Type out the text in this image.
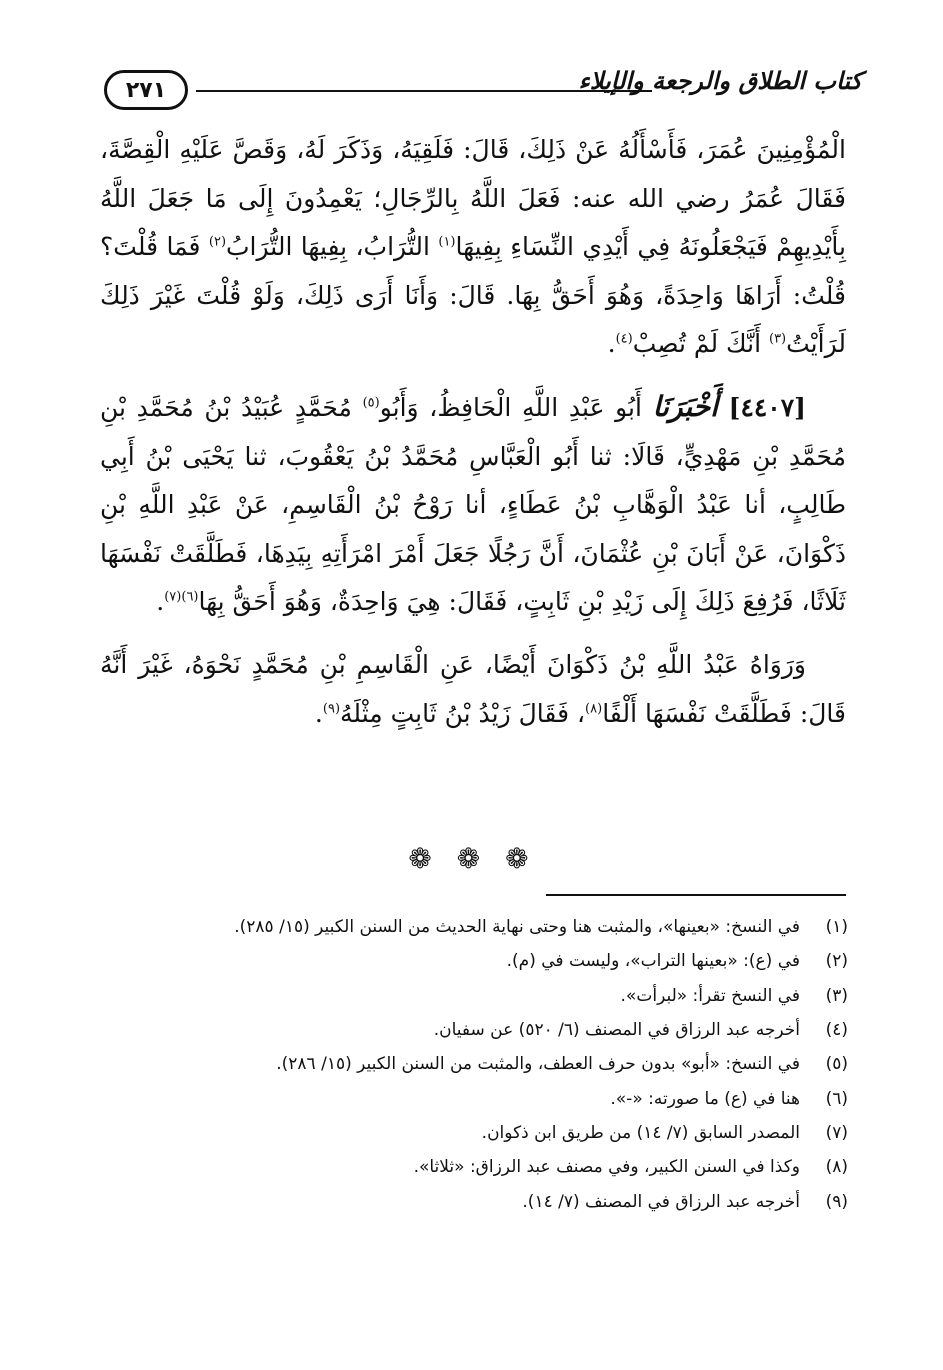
٢٧١	كتاب الطلاق والرجعة والإيلاء

الْمُؤْمِنِينَ عُمَرَ، فَأَسْأَلُهُ عَنْ ذَلِكَ، قَالَ: فَلَقِيَهُ، وَذَكَرَ لَهُ، وَقَصَّ عَلَيْهِ الْقِصَّةَ، فَقَالَ عُمَرُ رضي الله عنه: فَعَلَ اللَّهُ بِالرِّجَالِ؛ يَعْمِدُونَ إِلَى مَا جَعَلَ اللَّهُ بِأَيْدِيهِمْ فَيَجْعَلُونَهُ فِي أَيْدِي النِّسَاءِ بِفِيهَا$^{(١)}$ التُّرَابُ، بِفِيهَا التُّرَابُ$^{(٢)}$ فَمَا قُلْتَ؟ قُلْتُ: أَرَاهَا وَاحِدَةً، وَهُوَ أَحَقُّ بِهَا. قَالَ: وَأَنَا أَرَى ذَلِكَ، وَلَوْ قُلْتَ غَيْرَ ذَلِكَ لَرَأَيْتُ$^{(٣)}$ أَنَّكَ لَمْ تُصِبْ$^{(٤)}$.

[٤٤٠٧] أَخْبَرَنَا أَبُو عَبْدِ اللَّهِ الْحَافِظُ، وَأَبُو$^{(٥)}$ مُحَمَّدٍ عُبَيْدُ بْنُ مُحَمَّدِ بْنِ مُحَمَّدِ بْنِ مَهْدِيٍّ، قَالَا: ثنا أَبُو الْعَبَّاسِ مُحَمَّدُ بْنُ يَعْقُوبَ، ثنا يَحْيَى بْنُ أَبِي طَالِبٍ، أنا عَبْدُ الْوَهَّابِ بْنُ عَطَاءٍ، أنا رَوْحُ بْنُ الْقَاسِمِ، عَنْ عَبْدِ اللَّهِ بْنِ ذَكْوَانَ، عَنْ أَبَانَ بْنِ عُثْمَانَ، أَنَّ رَجُلًا جَعَلَ أَمْرَ امْرَأَتِهِ بِيَدِهَا، فَطَلَّقَتْ نَفْسَهَا ثَلَاثًا، فَرُفِعَ ذَلِكَ إِلَى زَيْدِ بْنِ ثَابِتٍ، فَقَالَ: هِيَ وَاحِدَةٌ، وَهُوَ أَحَقُّ بِهَا$^{(٦)(٧)}$.

وَرَوَاهُ عَبْدُ اللَّهِ بْنُ ذَكْوَانَ أَيْضًا، عَنِ الْقَاسِمِ بْنِ مُحَمَّدٍ نَحْوَهُ، غَيْرَ أَنَّهُ قَالَ: فَطَلَّقَتْ نَفْسَهَا أَلْفًا$^{(٨)}$، فَقَالَ زَيْدُ بْنُ ثَابِتٍ مِثْلَهُ$^{(٩)}$.

❁ ❁ ❁
(١)
في النسخ: «بعينها»، والمثبت هنا وحتى نهاية الحديث من السنن الكبير (١٥/ ٢٨٥).
(٢)
في (ع): «بعينها التراب»، وليست في (م).
(٣)
في النسخ تقرأ: «لبرأت».
(٤)
أخرجه عبد الرزاق في المصنف (٦/ ٥٢٠) عن سفيان.
(٥)
في النسخ: «أبو» بدون حرف العطف، والمثبت من السنن الكبير (١٥/ ٢٨٦).
(٦)
هنا في (ع) ما صورته: «-».
(٧)
المصدر السابق (٧/ ١٤) من طريق ابن ذكوان.
(٨)
وكذا في السنن الكبير، وفي مصنف عبد الرزاق: «ثلاثا».
(٩)
أخرجه عبد الرزاق في المصنف (٧/ ١٤).
